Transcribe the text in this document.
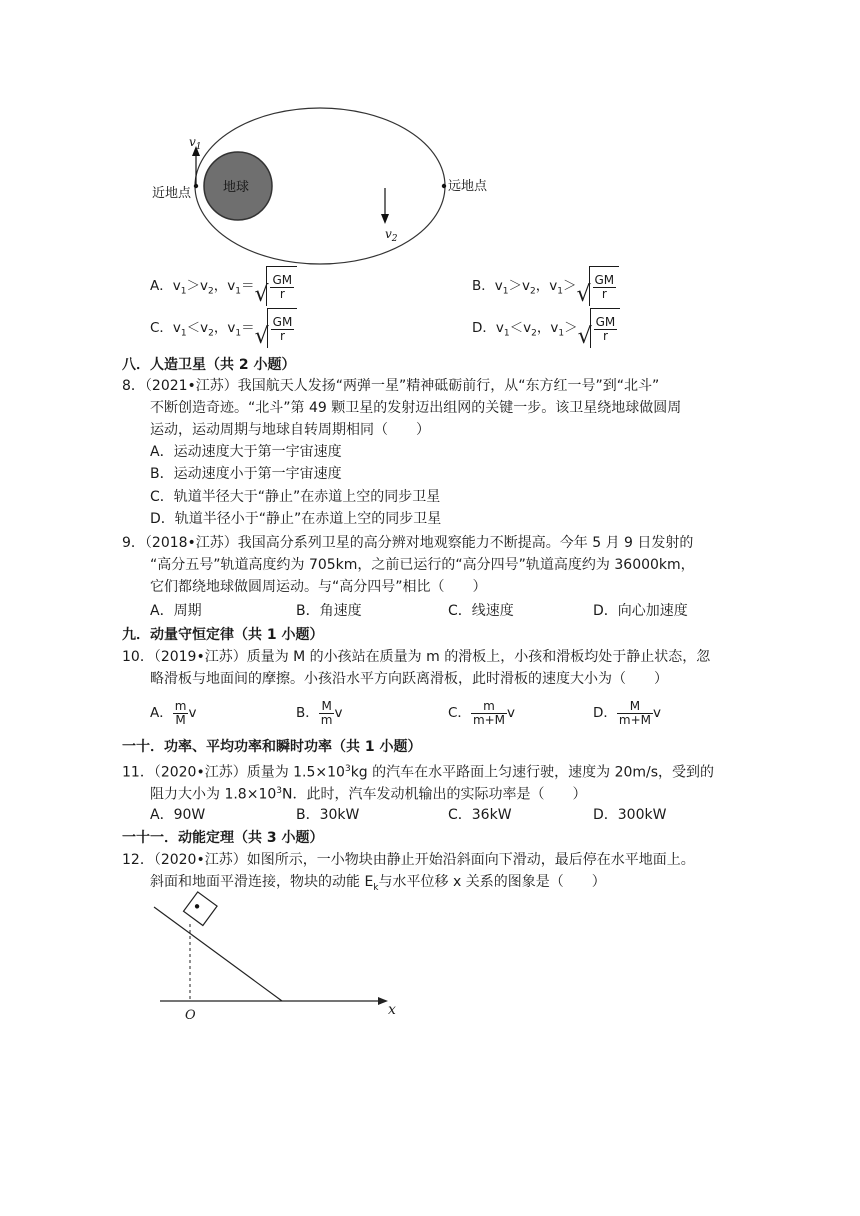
地球
近地点	远地点
$v_1$
$v_2$
A．$v_1>v_2$，$v_1=√ \frac{GM}{r}$	B．$v_1>v_2$，$v_1>√ \frac{GM}{r}$
C．$v_1<v_2$，$v_1=√ \frac{GM}{r}$	D．$v_1<v_2$，$v_1>√ \frac{GM}{r}$
八．人造卫星（共 2 小题）
8．（2021•江苏）我国航天人发扬“两弹一星”精神砥砺前行，从“东方红一号”到“北斗”
不断创造奇迹。“北斗”第 49 颗卫星的发射迈出组网的关键一步。该卫星绕地球做圆周
运动，运动周期与地球自转周期相同（　　）
A．运动速度大于第一宇宙速度
B．运动速度小于第一宇宙速度
C．轨道半径大于“静止”在赤道上空的同步卫星
D．轨道半径小于“静止”在赤道上空的同步卫星
9．（2018•江苏）我国高分系列卫星的高分辨对地观察能力不断提高。今年 5 月 9 日发射的
“高分五号”轨道高度约为 705km，之前已运行的“高分四号”轨道高度约为 36000km，
它们都绕地球做圆周运动。与“高分四号”相比（　　）
A．周期	B．角速度	C．线速度	D．向心加速度
九．动量守恒定律（共 1 小题）
10．（2019•江苏）质量为 M 的小孩站在质量为 m 的滑板上，小孩和滑板均处于静止状态，忽
略滑板与地面间的摩擦。小孩沿水平方向跃离滑板，此时滑板的速度大小为（　　）
A． $\frac{m}{M}$ v	B． $\frac{M}{m}$ v	C． $\frac{m}{m+M}$ v	D． $\frac{M}{m+M}$ v
一十．功率、平均功率和瞬时功率（共 1 小题）
11．（2020•江苏）质量为 $1.5\times 10^3kg$ 的汽车在水平路面上匀速行驶，速度为 20m/s，受到的
阻力大小为 $1.8\times 10^3N$．此时，汽车发动机输出的实际功率是（　　）
A．90W	B．30kW	C．36kW	D．300kW
一十一．动能定理（共 3 小题）
12．（2020•江苏）如图所示，一小物块由静止开始沿斜面向下滑动，最后停在水平地面上。
斜面和地面平滑连接，物块的动能 $E_k$与水平位移 x 关系的图象是（　　）
x
O
